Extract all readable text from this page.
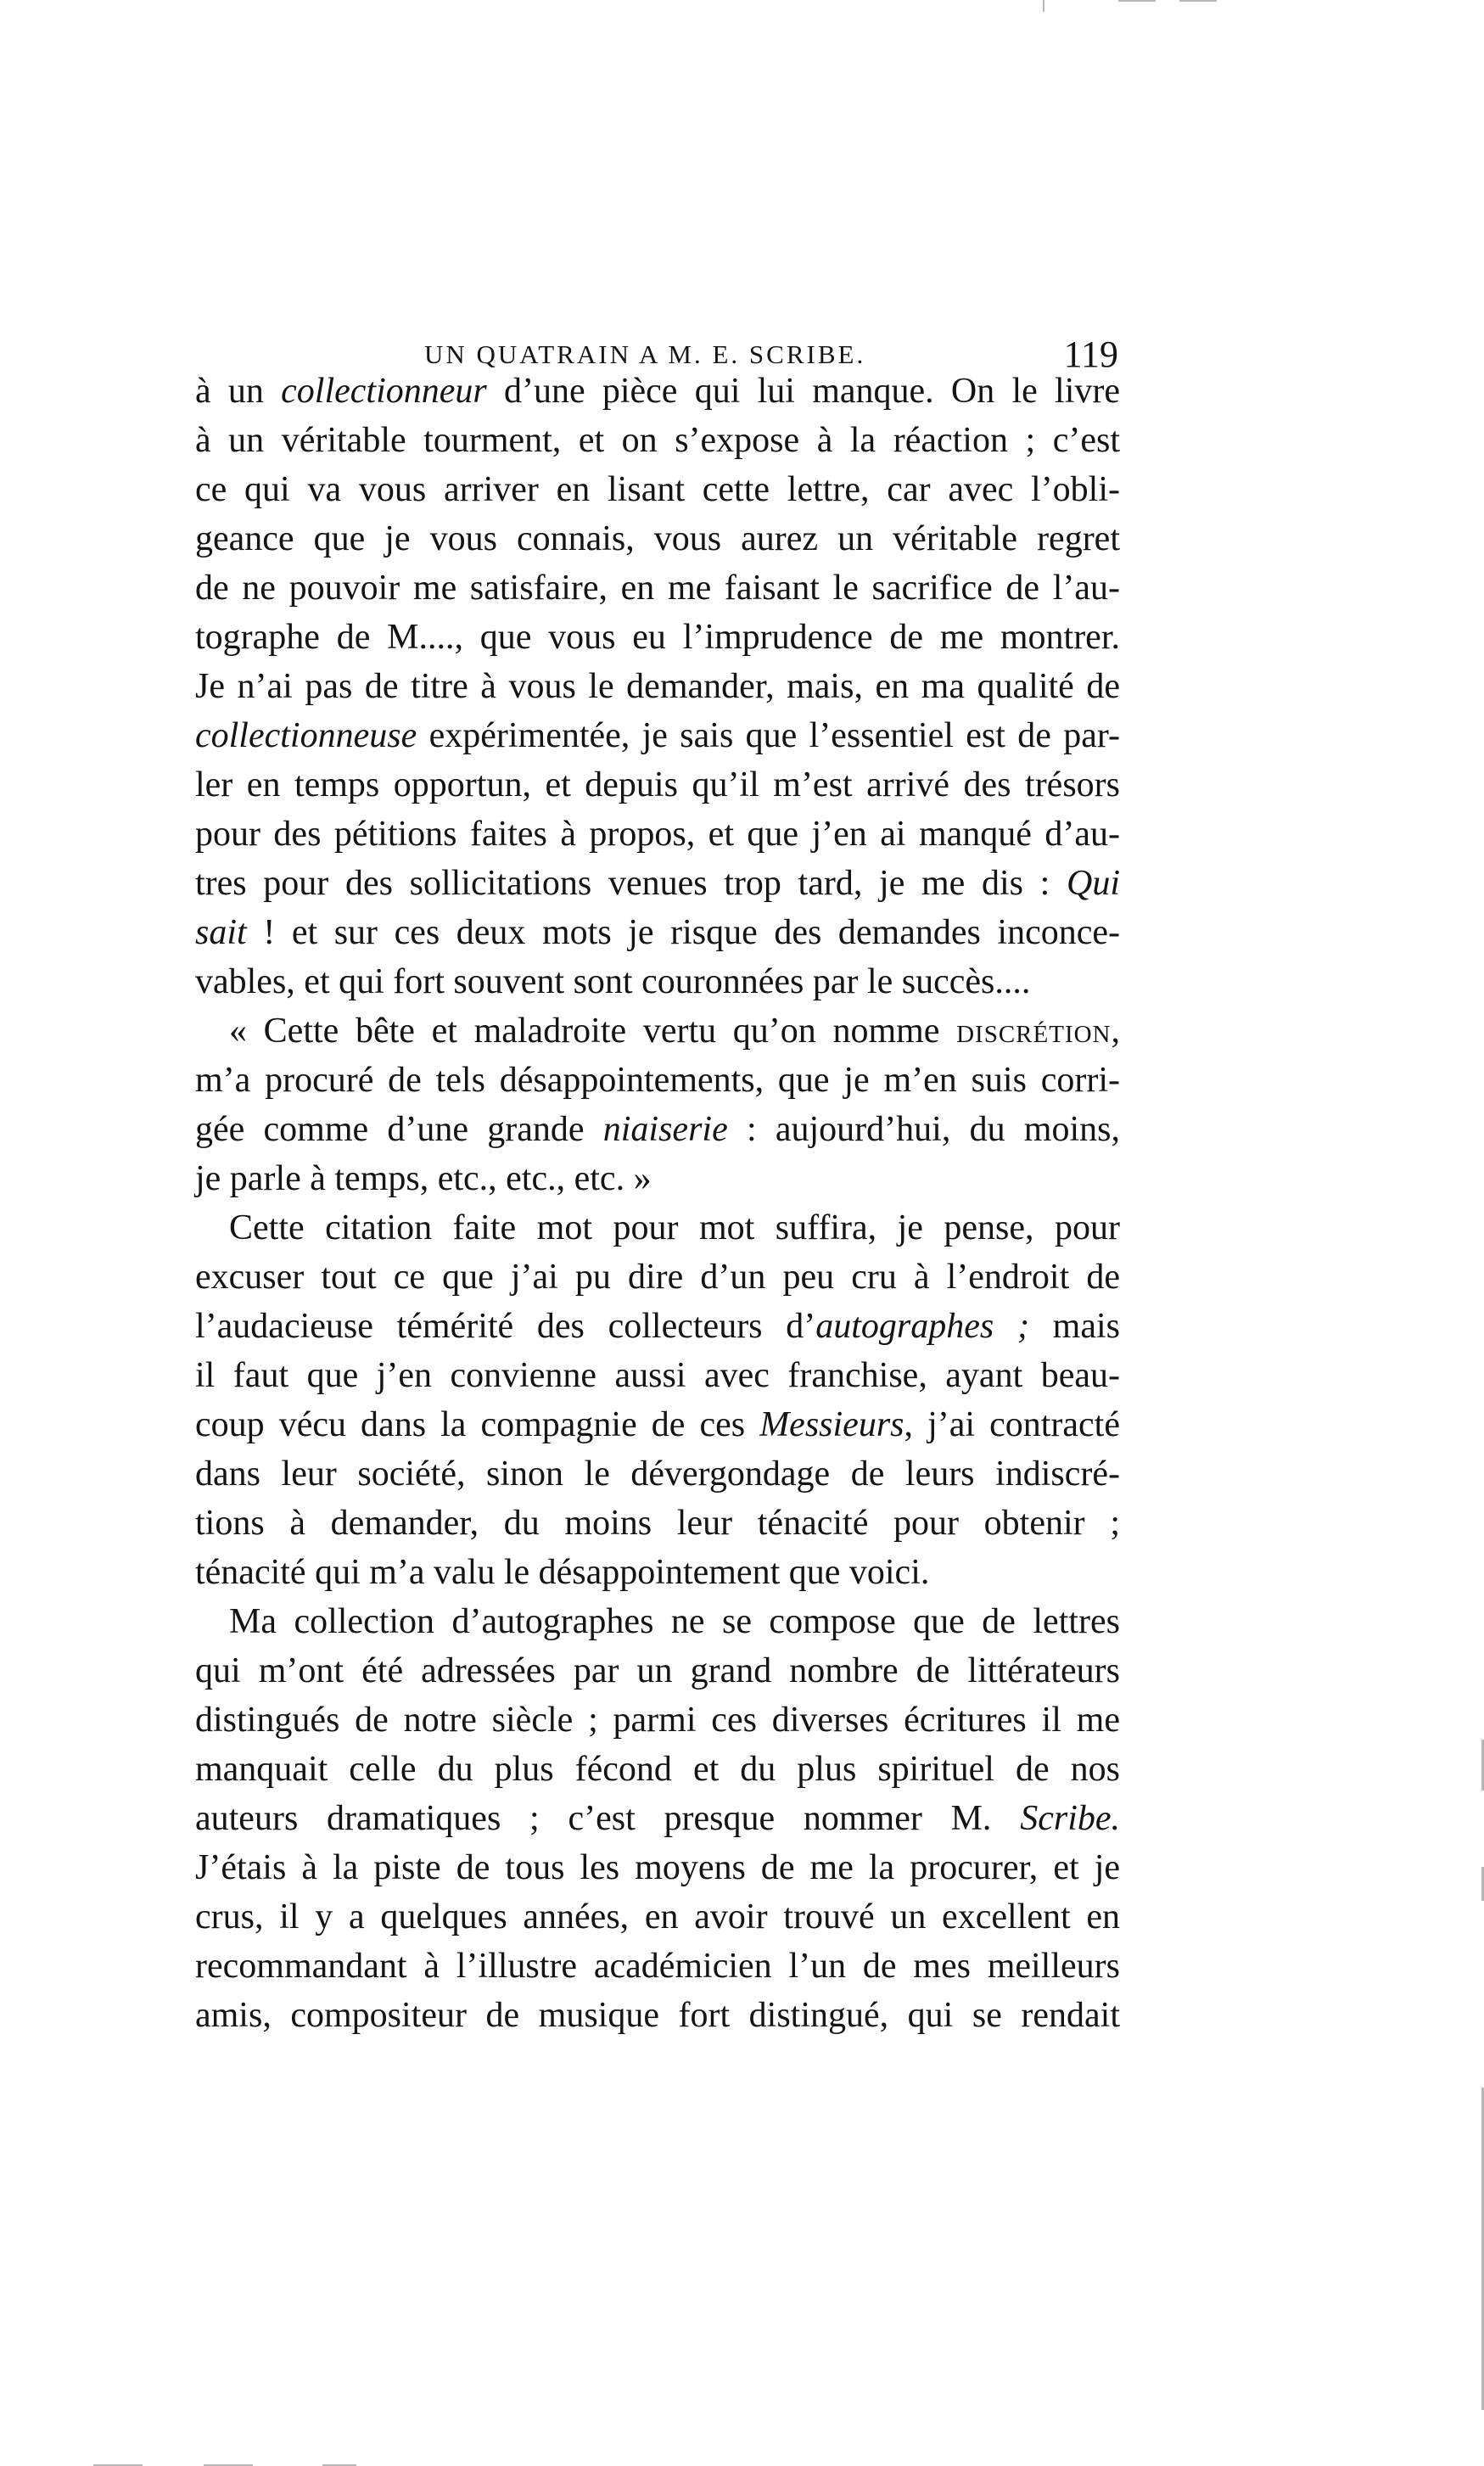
UN QUATRAIN A M. E. SCRIBE.	119
à un collectionneur d’une pièce qui lui manque. On le livre
à un véritable tourment, et on s’expose à la réaction ; c’est
ce qui va vous arriver en lisant cette lettre, car avec l’obli-
geance que je vous connais, vous aurez un véritable regret
de ne pouvoir me satisfaire, en me faisant le sacrifice de l’au-
tographe de M...., que vous eu l’imprudence de me montrer.
Je n’ai pas de titre à vous le demander, mais, en ma qualité de
collectionneuse expérimentée, je sais que l’essentiel est de par-
ler en temps opportun, et depuis qu’il m’est arrivé des trésors
pour des pétitions faites à propos, et que j’en ai manqué d’au-
tres pour des sollicitations venues trop tard, je me dis : Qui
sait ! et sur ces deux mots je risque des demandes inconce-
vables, et qui fort souvent sont couronnées par le succès....
« Cette bête et maladroite vertu qu’on nomme discrétion,
m’a procuré de tels désappointements, que je m’en suis corri-
gée comme d’une grande niaiserie : aujourd’hui, du moins,
je parle à temps, etc., etc., etc. »
Cette citation faite mot pour mot suffira, je pense, pour
excuser tout ce que j’ai pu dire d’un peu cru à l’endroit de
l’audacieuse témérité des collecteurs d’autographes ; mais
il faut que j’en convienne aussi avec franchise, ayant beau-
coup vécu dans la compagnie de ces Messieurs, j’ai contracté
dans leur société, sinon le dévergondage de leurs indiscré-
tions à demander, du moins leur ténacité pour obtenir ;
ténacité qui m’a valu le désappointement que voici.
Ma collection d’autographes ne se compose que de lettres
qui m’ont été adressées par un grand nombre de littérateurs
distingués de notre siècle ; parmi ces diverses écritures il me
manquait celle du plus fécond et du plus spirituel de nos
auteurs dramatiques ; c’est presque nommer M. Scribe.
J’étais à la piste de tous les moyens de me la procurer, et je
crus, il y a quelques années, en avoir trouvé un excellent en
recommandant à l’illustre académicien l’un de mes meilleurs
amis, compositeur de musique fort distingué, qui se rendait
